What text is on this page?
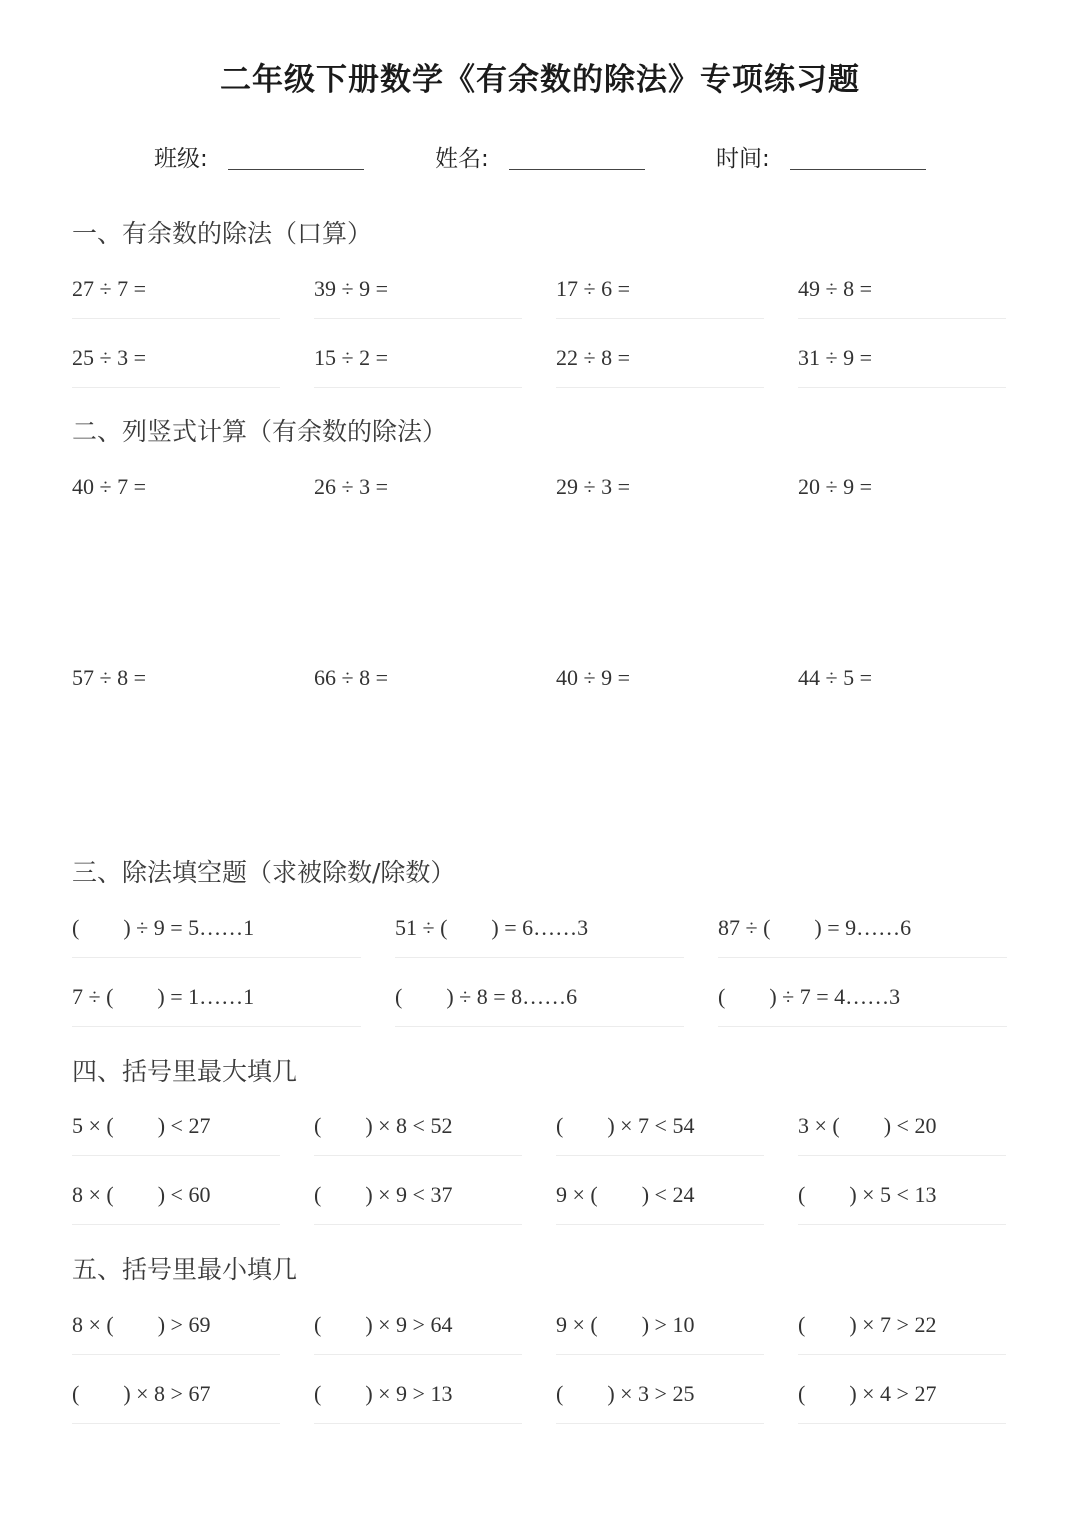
二年级下册数学《有余数的除法》专项练习题
班级:	姓名:	时间:
一、有余数的除法（口算）
27 ÷ 7 =	39 ÷ 9 =	17 ÷ 6 =	49 ÷ 8 =
25 ÷ 3 =	15 ÷ 2 =	22 ÷ 8 =	31 ÷ 9 =
二、列竖式计算（有余数的除法）
40 ÷ 7 =	26 ÷ 3 =	29 ÷ 3 =	20 ÷ 9 =
57 ÷ 8 =	66 ÷ 8 =	40 ÷ 9 =	44 ÷ 5 =
三、除法填空题（求被除数/除数）
(        ) ÷ 9 = 5……1	51 ÷ (        ) = 6……3	87 ÷ (        ) = 9……6
7 ÷ (        ) = 1……1	(        ) ÷ 8 = 8……6	(        ) ÷ 7 = 4……3
四、括号里最大填几
5 × (        ) < 27	(        ) × 8 < 52	(        ) × 7 < 54	3 × (        ) < 20
8 × (        ) < 60	(        ) × 9 < 37	9 × (        ) < 24	(        ) × 5 < 13
五、括号里最小填几
8 × (        ) > 69	(        ) × 9 > 64	9 × (        ) > 10	(        ) × 7 > 22
(        ) × 8 > 67	(        ) × 9 > 13	(        ) × 3 > 25	(        ) × 4 > 27
